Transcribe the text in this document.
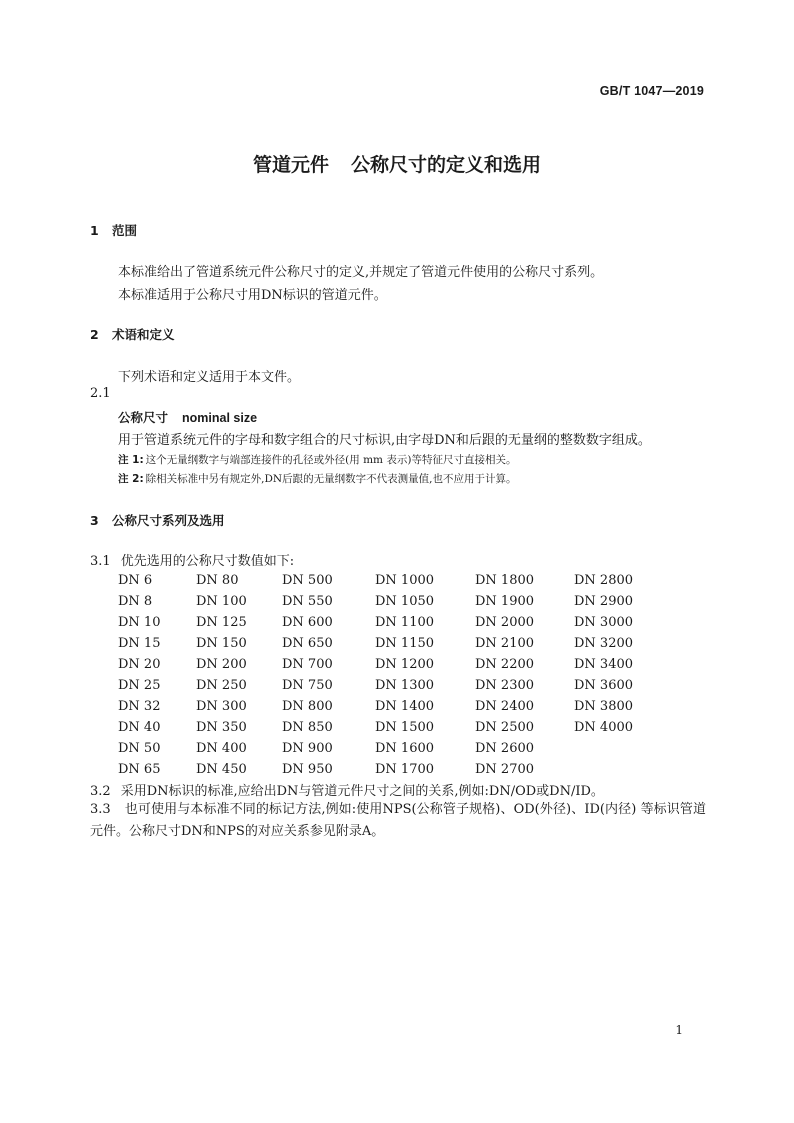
GB/T 1047—2019
管道元件 公称尺寸的定义和选用
1 范围
本标准给出了管道系统元件公称尺寸的定义,并规定了管道元件使用的公称尺寸系列。
本标准适用于公称尺寸用DN标识的管道元件。
2 术语和定义
下列术语和定义适用于本文件。
2.1
公称尺寸 nominal size
用于管道系统元件的字母和数字组合的尺寸标识,由字母DN和后跟的无量纲的整数数字组成。
注 1: 这个无量纲数字与端部连接件的孔径或外径(用 mm 表示)等特征尺寸直接相关。
注 2: 除相关标准中另有规定外,DN后跟的无量纲数字不代表测量值,也不应用于计算。
3 公称尺寸系列及选用
3.1 优先选用的公称尺寸数值如下:
DN 6
DN 8
DN 10
DN 15
DN 20
DN 25
DN 32
DN 40
DN 50
DN 65
DN 80
DN 100
DN 125
DN 150
DN 200
DN 250
DN 300
DN 350
DN 400
DN 450
DN 500
DN 550
DN 600
DN 650
DN 700
DN 750
DN 800
DN 850
DN 900
DN 950
DN 1000
DN 1050
DN 1100
DN 1150
DN 1200
DN 1300
DN 1400
DN 1500
DN 1600
DN 1700
DN 1800
DN 1900
DN 2000
DN 2100
DN 2200
DN 2300
DN 2400
DN 2500
DN 2600
DN 2700
DN 2800
DN 2900
DN 3000
DN 3200
DN 3400
DN 3600
DN 3800
DN 4000
3.2 采用DN标识的标准,应给出DN与管道元件尺寸之间的关系,例如:DN/OD或DN/ID。
3.3 也可使用与本标准不同的标记方法,例如:使用NPS(公称管子规格)、OD(外径)、ID(内径) 等标识管道元件。公称尺寸DN和NPS的对应关系参见附录A。
1
